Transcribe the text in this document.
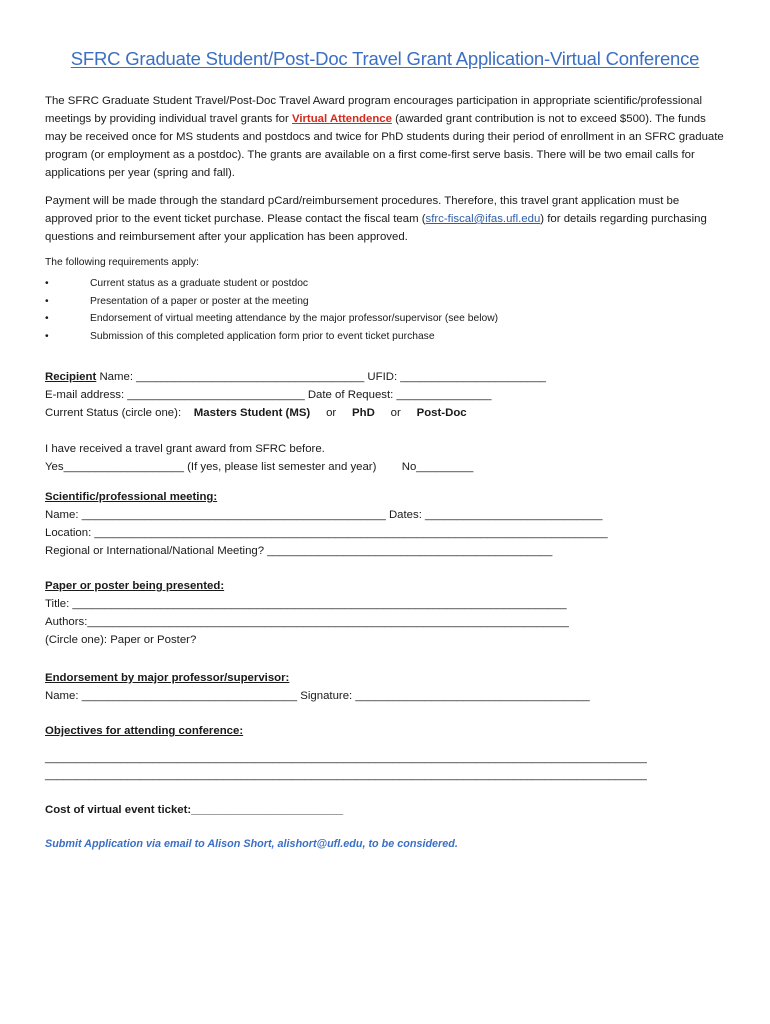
SFRC Graduate Student/Post-Doc Travel Grant Application-Virtual Conference

The SFRC Graduate Student Travel/Post-Doc Travel Award program encourages participation in appropriate scientific/professional meetings by providing individual travel grants for Virtual Attendence (awarded grant contribution is not to exceed $500). The funds may be received once for MS students and postdocs and twice for PhD students during their period of enrollment in an SFRC graduate program (or employment as a postdoc). The grants are available on a first come-first serve basis. There will be two email calls for applications per year (spring and fall).

Payment will be made through the standard pCard/reimbursement procedures. Therefore, this travel grant application must be approved prior to the event ticket purchase. Please contact the fiscal team (sfrc-fiscal@ifas.ufl.edu) for details regarding purchasing questions and reimbursement after your application has been approved.

The following requirements apply:
•	Current status as a graduate student or postdoc
•	Presentation of a paper or poster at the meeting
•	Endorsement of virtual meeting attendance by the major professor/supervisor (see below)
•	Submission of this completed application form prior to event ticket purchase
Recipient Name: ____________________________________ UFID: _______________________
E-mail address: ____________________________ Date of Request: _______________
Current Status (circle one): Masters Student (MS) or PhD or Post-Doc
I have received a travel grant award from SFRC before.
Yes___________________ (If yes, please list semester and year) No_________
Scientific/professional meeting:
Name: ________________________________________________ Dates: ____________________________
Location: _________________________________________________________________________________
Regional or International/National Meeting? _____________________________________________
Paper or poster being presented:
Title: ______________________________________________________________________________
Authors:____________________________________________________________________________
(Circle one): Paper or Poster?
Endorsement by major professor/supervisor:
Name: __________________________________ Signature: _____________________________________
Objectives for attending conference:
_______________________________________________________________________________________________
_______________________________________________________________________________________________
Cost of virtual event ticket:________________________
Submit Application via email to Alison Short, alishort@ufl.edu, to be considered.
